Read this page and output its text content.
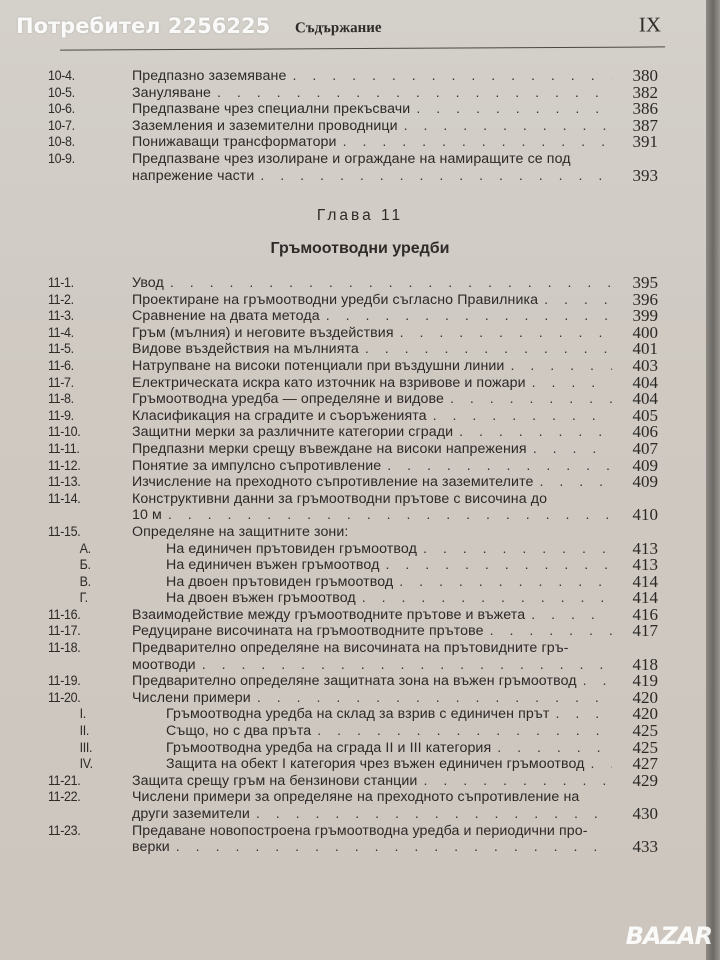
Съдържание	IX
10-4.	Предпазно заземяване . . .	380
10-5.	Зануляване . . .	382
10-6.	Предпазване чрез специални прекъсвачи . . .	386
10-7.	Заземления и заземителни проводници . . .	387
10-8.	Понижаващи трансформатори . . .	391
10-9.	Предпазване чрез изолиране и ограждане на намиращите се под
напрежение части . . .	393
Глава 11
Гръмоотводни уредби
11-1.	Увод . . .	395
11-2.	Проектиране на гръмоотводни уредби съгласно Правилника . . .	396
11-3.	Сравнение на двата метода . . .	399
11-4.	Гръм (мълния) и неговите въздействия . . .	400
11-5.	Видове въздействия на мълнията . . .	401
11-6.	Натрупване на високи потенциали при въздушни линии . . .	403
11-7.	Електрическата искра като източник на взривове и пожари . . .	404
11-8.	Гръмоотводна уредба — определяне и видове . . .	404
11-9.	Класификация на сградите и съоръженията . . .	405
11-10.	Защитни мерки за различните категории сгради . . .	406
11-11.	Предпазни мерки срещу въвеждане на високи напрежения . . .	407
11-12.	Понятие за импулсно съпротивление . . .	409
11-13.	Изчисление на преходното съпротивление на заземителите . . .	409
11-14.	Конструктивни данни за гръмоотводни прътове с височина до
10 м . . .	410
11-15.	Определяне на защитните зони:
А.	На единичен прътовиден гръмоотвод . . .	413
Б.	На единичен въжен гръмоотвод . . .	413
В.	На двоен прътовиден гръмоотвод . . .	414
Г.	На двоен въжен гръмоотвод . . .	414
11-16.	Взаимодействие между гръмоотводните прътове и въжета . . .	416
11-17.	Редуциране височината на гръмоотводните прътове . . .	417
11-18.	Предварително определяне на височината на прътовидните гръ-
моотводи . . .	418
11-19.	Предварително определяне защитната зона на въжен гръмоотвод . . .	419
11-20.	Числени примери . . .	420
I.	Гръмоотводна уредба на склад за взрив с единичен прът . . .	420
II.	Също, но с два пръта . . .	425
III.	Гръмоотводна уредба на сграда II и III категория . . .	425
IV.	Защита на обект I категория чрез въжен единичен гръмоотвод . . .	427
11-21.	Защита срещу гръм на бензинови станции . . .	429
11-22.	Числени примери за определяне на преходното съпротивление на
други заземители . . .	430
11-23.	Предаване новопостроена гръмоотводна уредба и периодични про-
верки . . .	433
Потребител 2256225
BAZAR
